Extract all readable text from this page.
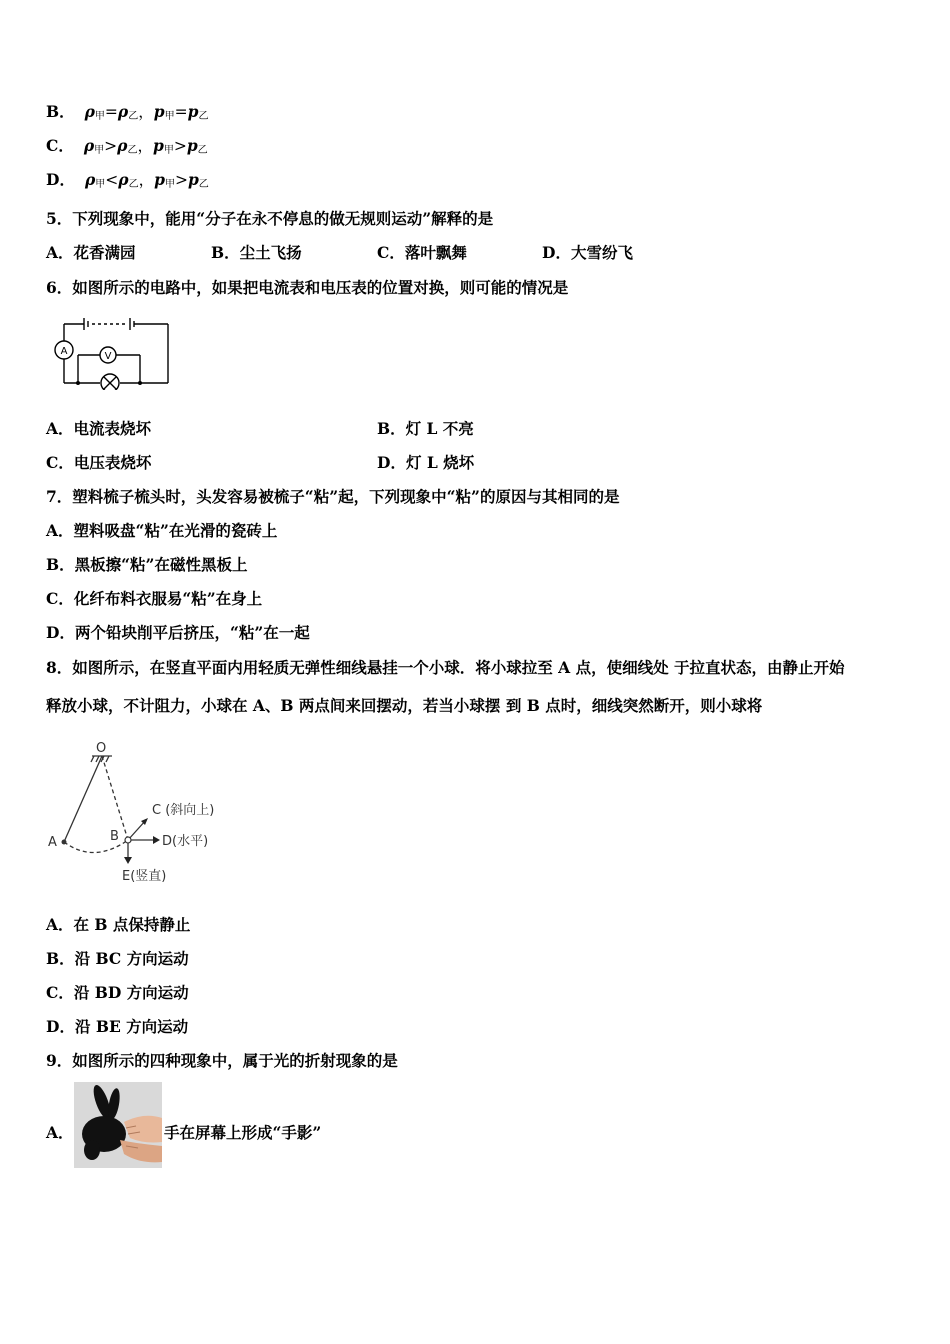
B． $\rho_甲=\rho_乙$，$p_甲=p_乙$
C． $\rho_甲>\rho_乙$，$p_甲>p_乙$
D． $\rho_甲<\rho_乙$，$p_甲>p_乙$
5．下列现象中，能用“分子在永不停息的做无规则运动”解释的是
A．花香满园	B．尘土飞扬	C．落叶飘舞	D．大雪纷飞
6．如图所示的电路中，如果把电流表和电压表的位置对换，则可能的情况是
A	V
A．电流表烧坏	B．灯 L 不亮
C．电压表烧坏	D．灯 L 烧坏
7．塑料梳子梳头时，头发容易被梳子“粘”起，下列现象中“粘”的原因与其相同的是
A．塑料吸盘“粘”在光滑的瓷砖上
B．黑板擦“粘”在磁性黑板上
C．化纤布料衣服易“粘”在身上
D．两个铅块削平后挤压，“粘”在一起
8．如图所示，在竖直平面内用轻质无弹性细线悬挂一个小球．将小球拉至 A 点，使细线处 于拉直状态，由静止开始
释放小球，不计阻力，小球在 A、B 两点间来回摆动，若当小球摆 到 B 点时，细线突然断开，则小球将
O
A	B
C (斜向上)
D(水平)
E(竖直)
A．在 B 点保持静止
B．沿 BC 方向运动
C．沿 BD 方向运动
D．沿 BE 方向运动
9．如图所示的四种现象中，属于光的折射现象的是
A．	手在屏幕上形成“手影”
